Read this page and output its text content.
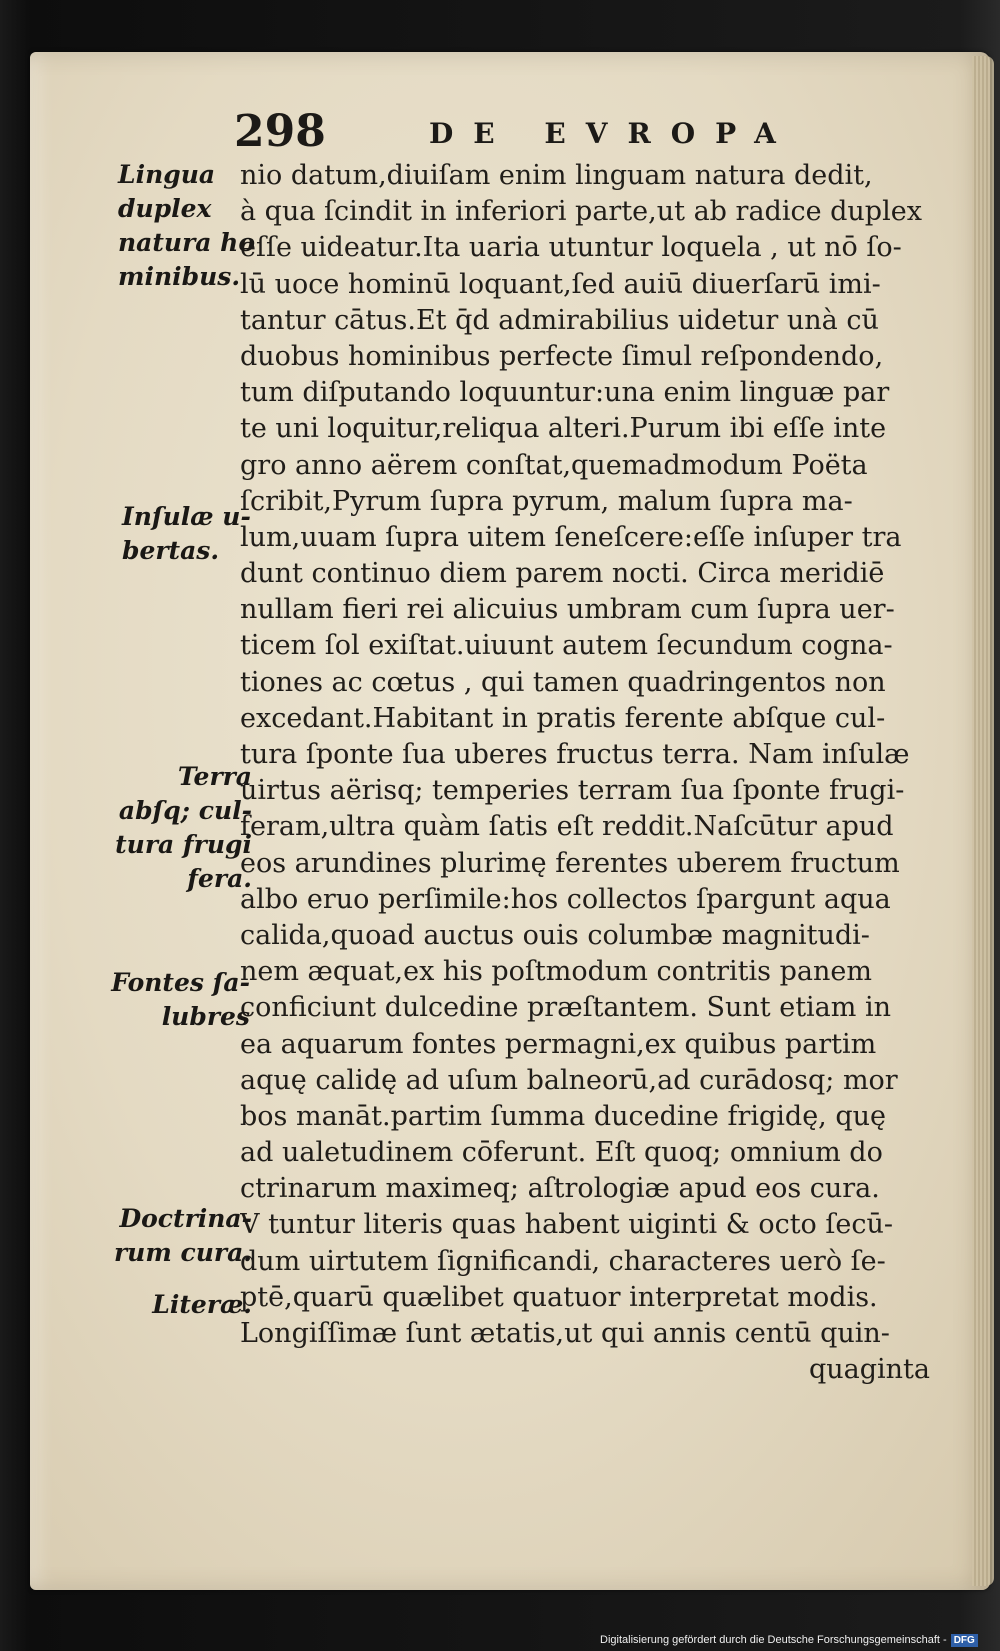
298	DE EVROPA
nio datum,diuiſam enim linguam natura dedit,
à qua ſcindit in inferiori parte,ut ab radice duplex
eſſe uideatur.Ita uaria utuntur loquela , ut nō ſo-
lū uoce hominū loquant,ſed auiū diuerſarū imi-
tantur cātus.Et q̄d admirabilius uidetur unà cū
duobus hominibus perfecte ſimul reſpondendo,
tum diſputando loquuntur:una enim linguæ par
te uni loquitur,reliqua alteri.Purum ibi eſſe inte
gro anno aërem conſtat,quemadmodum Poëta
ſcribit,Pyrum ſupra pyrum, malum ſupra ma-
lum,uuam ſupra uitem ſeneſcere:eſſe inſuper tra
dunt continuo diem parem nocti. Circa meridiē
nullam fieri rei alicuius umbram cum ſupra uer-
ticem ſol exiſtat.uiuunt autem ſecundum cogna-
tiones ac cœtus , qui tamen quadringentos non
excedant.Habitant in pratis ferente abſque cul-
tura ſponte ſua uberes fructus terra. Nam inſulæ
uirtus aërisq; temperies terram ſua ſponte frugi-
feram,ultra quàm ſatis eſt reddit.Naſcūtur apud
eos arundines plurimę ferentes uberem fructum
albo eruo perſimile:hos collectos ſpargunt aqua
calida,quoad auctus ouis columbæ magnitudi-
nem æquat,ex his poſtmodum contritis panem
conficiunt dulcedine præſtantem. Sunt etiam in
ea aquarum fontes permagni,ex quibus partim
aquę calidę ad uſum balneorū,ad curādosq; mor
bos manāt.partim ſumma ducedine frigidę, quę
ad ualetudinem cōferunt. Eſt quoq; omnium do
ctrinarum maximeq; aſtrologiæ apud eos cura.
V tuntur literis quas habent uiginti & octo ſecū-
dum uirtutem ſignificandi, characteres uerò ſe-
ptē,quarū quælibet quatuor interpretat modis.
Longiſſimæ ſunt ætatis,ut qui annis centū quin-
quaginta
Lingua
duplex
natura ho
minibus.
Inſulæ u-
bertas.
Terra
abſq; cul-
tura frugi
fera.
Fontes ſa-
lubres
Doctrina-
rum cura.
Literæ.
Digitalisierung gefördert durch die Deutsche Forschungsgemeinschaft - DFG
